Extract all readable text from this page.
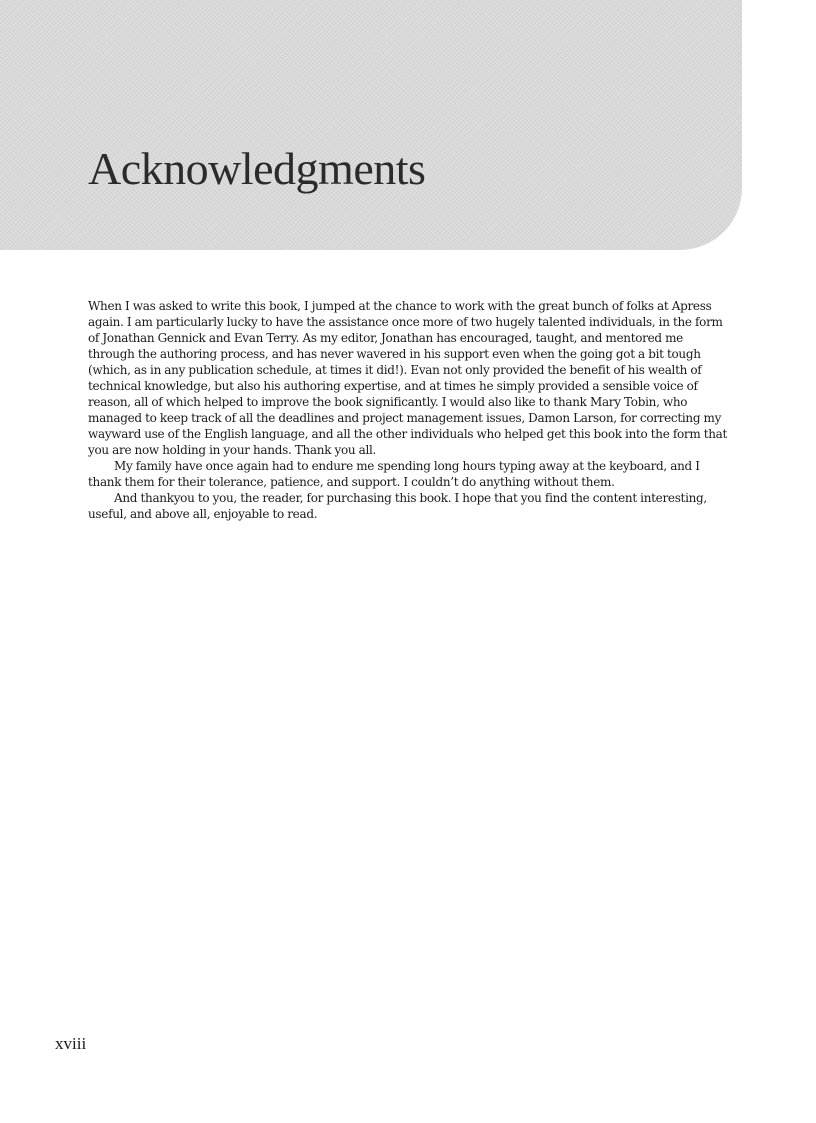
Acknowledgments

When I was asked to write this book, I jumped at the chance to work with the great bunch of folks at Apress again. I am particularly lucky to have the assistance once more of two hugely talented individuals, in the form of Jonathan Gennick and Evan Terry. As my editor, Jonathan has encouraged, taught, and mentored me through the authoring process, and has never wavered in his support even when the going got a bit tough (which, as in any publication schedule, at times it did!). Evan not only provided the benefit of his wealth of technical knowledge, but also his authoring expertise, and at times he simply provided a sensible voice of reason, all of which helped to improve the book significantly. I would also like to thank Mary Tobin, who managed to keep track of all the deadlines and project management issues, Damon Larson, for correcting my wayward use of the English language, and all the other individuals who helped get this book into the form that you are now holding in your hands. Thank you all.

My family have once again had to endure me spending long hours typing away at the keyboard, and I thank them for their tolerance, patience, and support. I couldn’t do anything without them.

And thankyou to you, the reader, for purchasing this book. I hope that you find the content interesting, useful, and above all, enjoyable to read.

xviii
